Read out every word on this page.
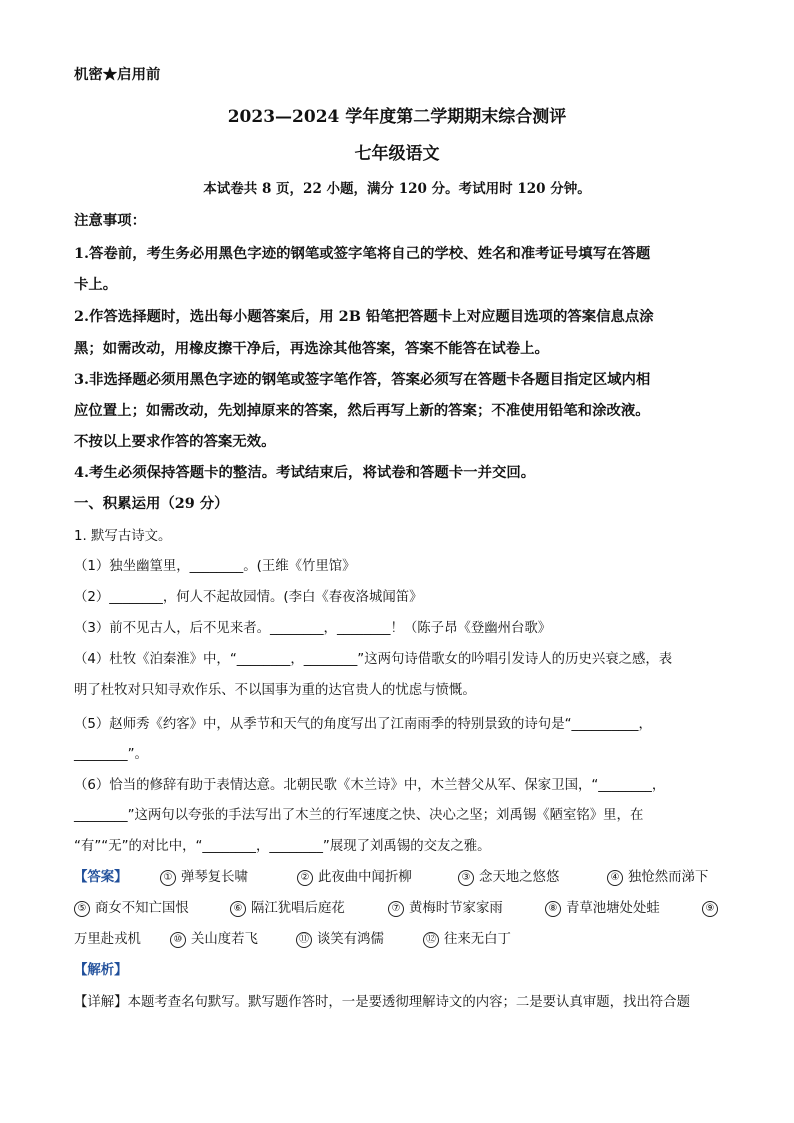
机密★启用前
2023—2024 学年度第二学期期末综合测评
七年级语文
本试卷共 8 页，22 小题，满分 120 分。考试用时 120 分钟。
注意事项：
1.答卷前，考生务必用黑色字迹的钢笔或签字笔将自己的学校、姓名和准考证号填写在答题
卡上。
2.作答选择题时，选出每小题答案后，用 2B 铅笔把答题卡上对应题目选项的答案信息点涂
黑；如需改动，用橡皮擦干净后，再选涂其他答案，答案不能答在试卷上。
3.非选择题必须用黑色字迹的钢笔或签字笔作答，答案必须写在答题卡各题目指定区域内相
应位置上；如需改动，先划掉原来的答案，然后再写上新的答案；不准使用铅笔和涂改液。
不按以上要求作答的答案无效。
4.考生必须保持答题卡的整洁。考试结束后，将试卷和答题卡一并交回。
一、积累运用（29 分）
1. 默写古诗文。
（1）独坐幽篁里，________。(王维《竹里馆》
（2）________，何人不起故园情。(李白《春夜洛城闻笛》
（3）前不见古人，后不见来者。________，________！（陈子昂《登幽州台歌》
（4）杜牧《泊秦淮》中，“________，________”这两句诗借歌女的吟唱引发诗人的历史兴衰之感，表
明了杜牧对只知寻欢作乐、不以国事为重的达官贵人的忧虑与愤慨。
（5）赵师秀《约客》中，从季节和天气的角度写出了江南雨季的特别景致的诗句是“__________，
________”。
（6）恰当的修辞有助于表情达意。北朝民歌《木兰诗》中，木兰替父从军、保家卫国，“________，
________”这两句以夸张的手法写出了木兰的行军速度之快、决心之坚；刘禹锡《陋室铭》里，在
“有”“无”的对比中，“________，________”展现了刘禹锡的交友之雅。
【答案】	① 弹琴复长啸	② 此夜曲中闻折柳	③ 念天地之悠悠	④ 独怆然而涕下
⑤ 商女不知亡国恨	⑥ 隔江犹唱后庭花	⑦ 黄梅时节家家雨	⑧ 青草池塘处处蛙	⑨
万里赴戎机	⑩ 关山度若飞	⑪ 谈笑有鸿儒	⑫ 往来无白丁
【解析】
【详解】本题考查名句默写。默写题作答时，一是要透彻理解诗文的内容；二是要认真审题，找出符合题
